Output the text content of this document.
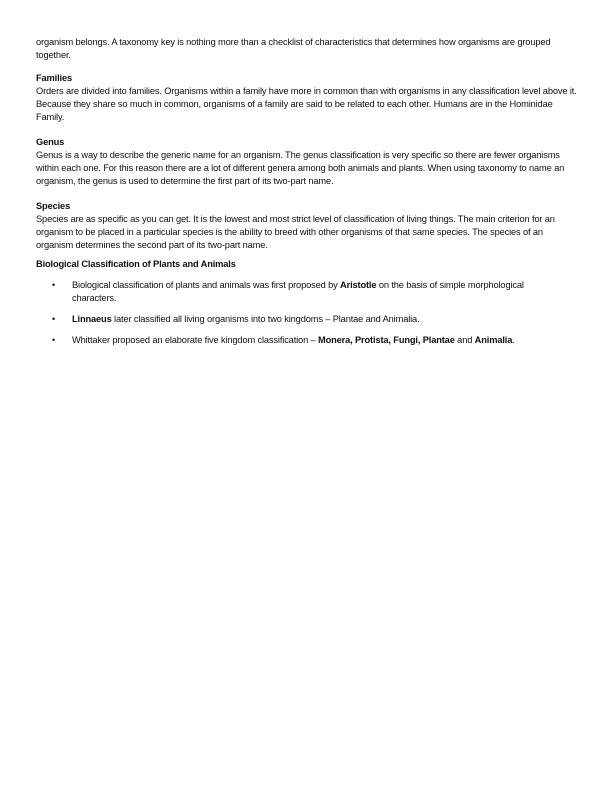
organism belongs. A taxonomy key is nothing more than a checklist of characteristics that determines how organisms are grouped together.

Families

Orders are divided into families. Organisms within a family have more in common than with organisms in any classification level above it. Because they share so much in common, organisms of a family are said to be related to each other. Humans are in the Hominidae Family.

Genus

Genus is a way to describe the generic name for an organism. The genus classification is very specific so there are fewer organisms within each one. For this reason there are a lot of different genera among both animals and plants. When using taxonomy to name an organism, the genus is used to determine the first part of its two-part name.

Species

Species are as specific as you can get. It is the lowest and most strict level of classification of living things. The main criterion for an organism to be placed in a particular species is the ability to breed with other organisms of that same species. The species of an organism determines the second part of its two-part name.

Biological Classification of Plants and Animals
• Biological classification of plants and animals was first proposed by Aristotle on the basis of simple morphological characters.
• Linnaeus later classified all living organisms into two kingdoms – Plantae and Animalia.
• Whittaker proposed an elaborate five kingdom classification – Monera, Protista, Fungi, Plantae and Animalia.
